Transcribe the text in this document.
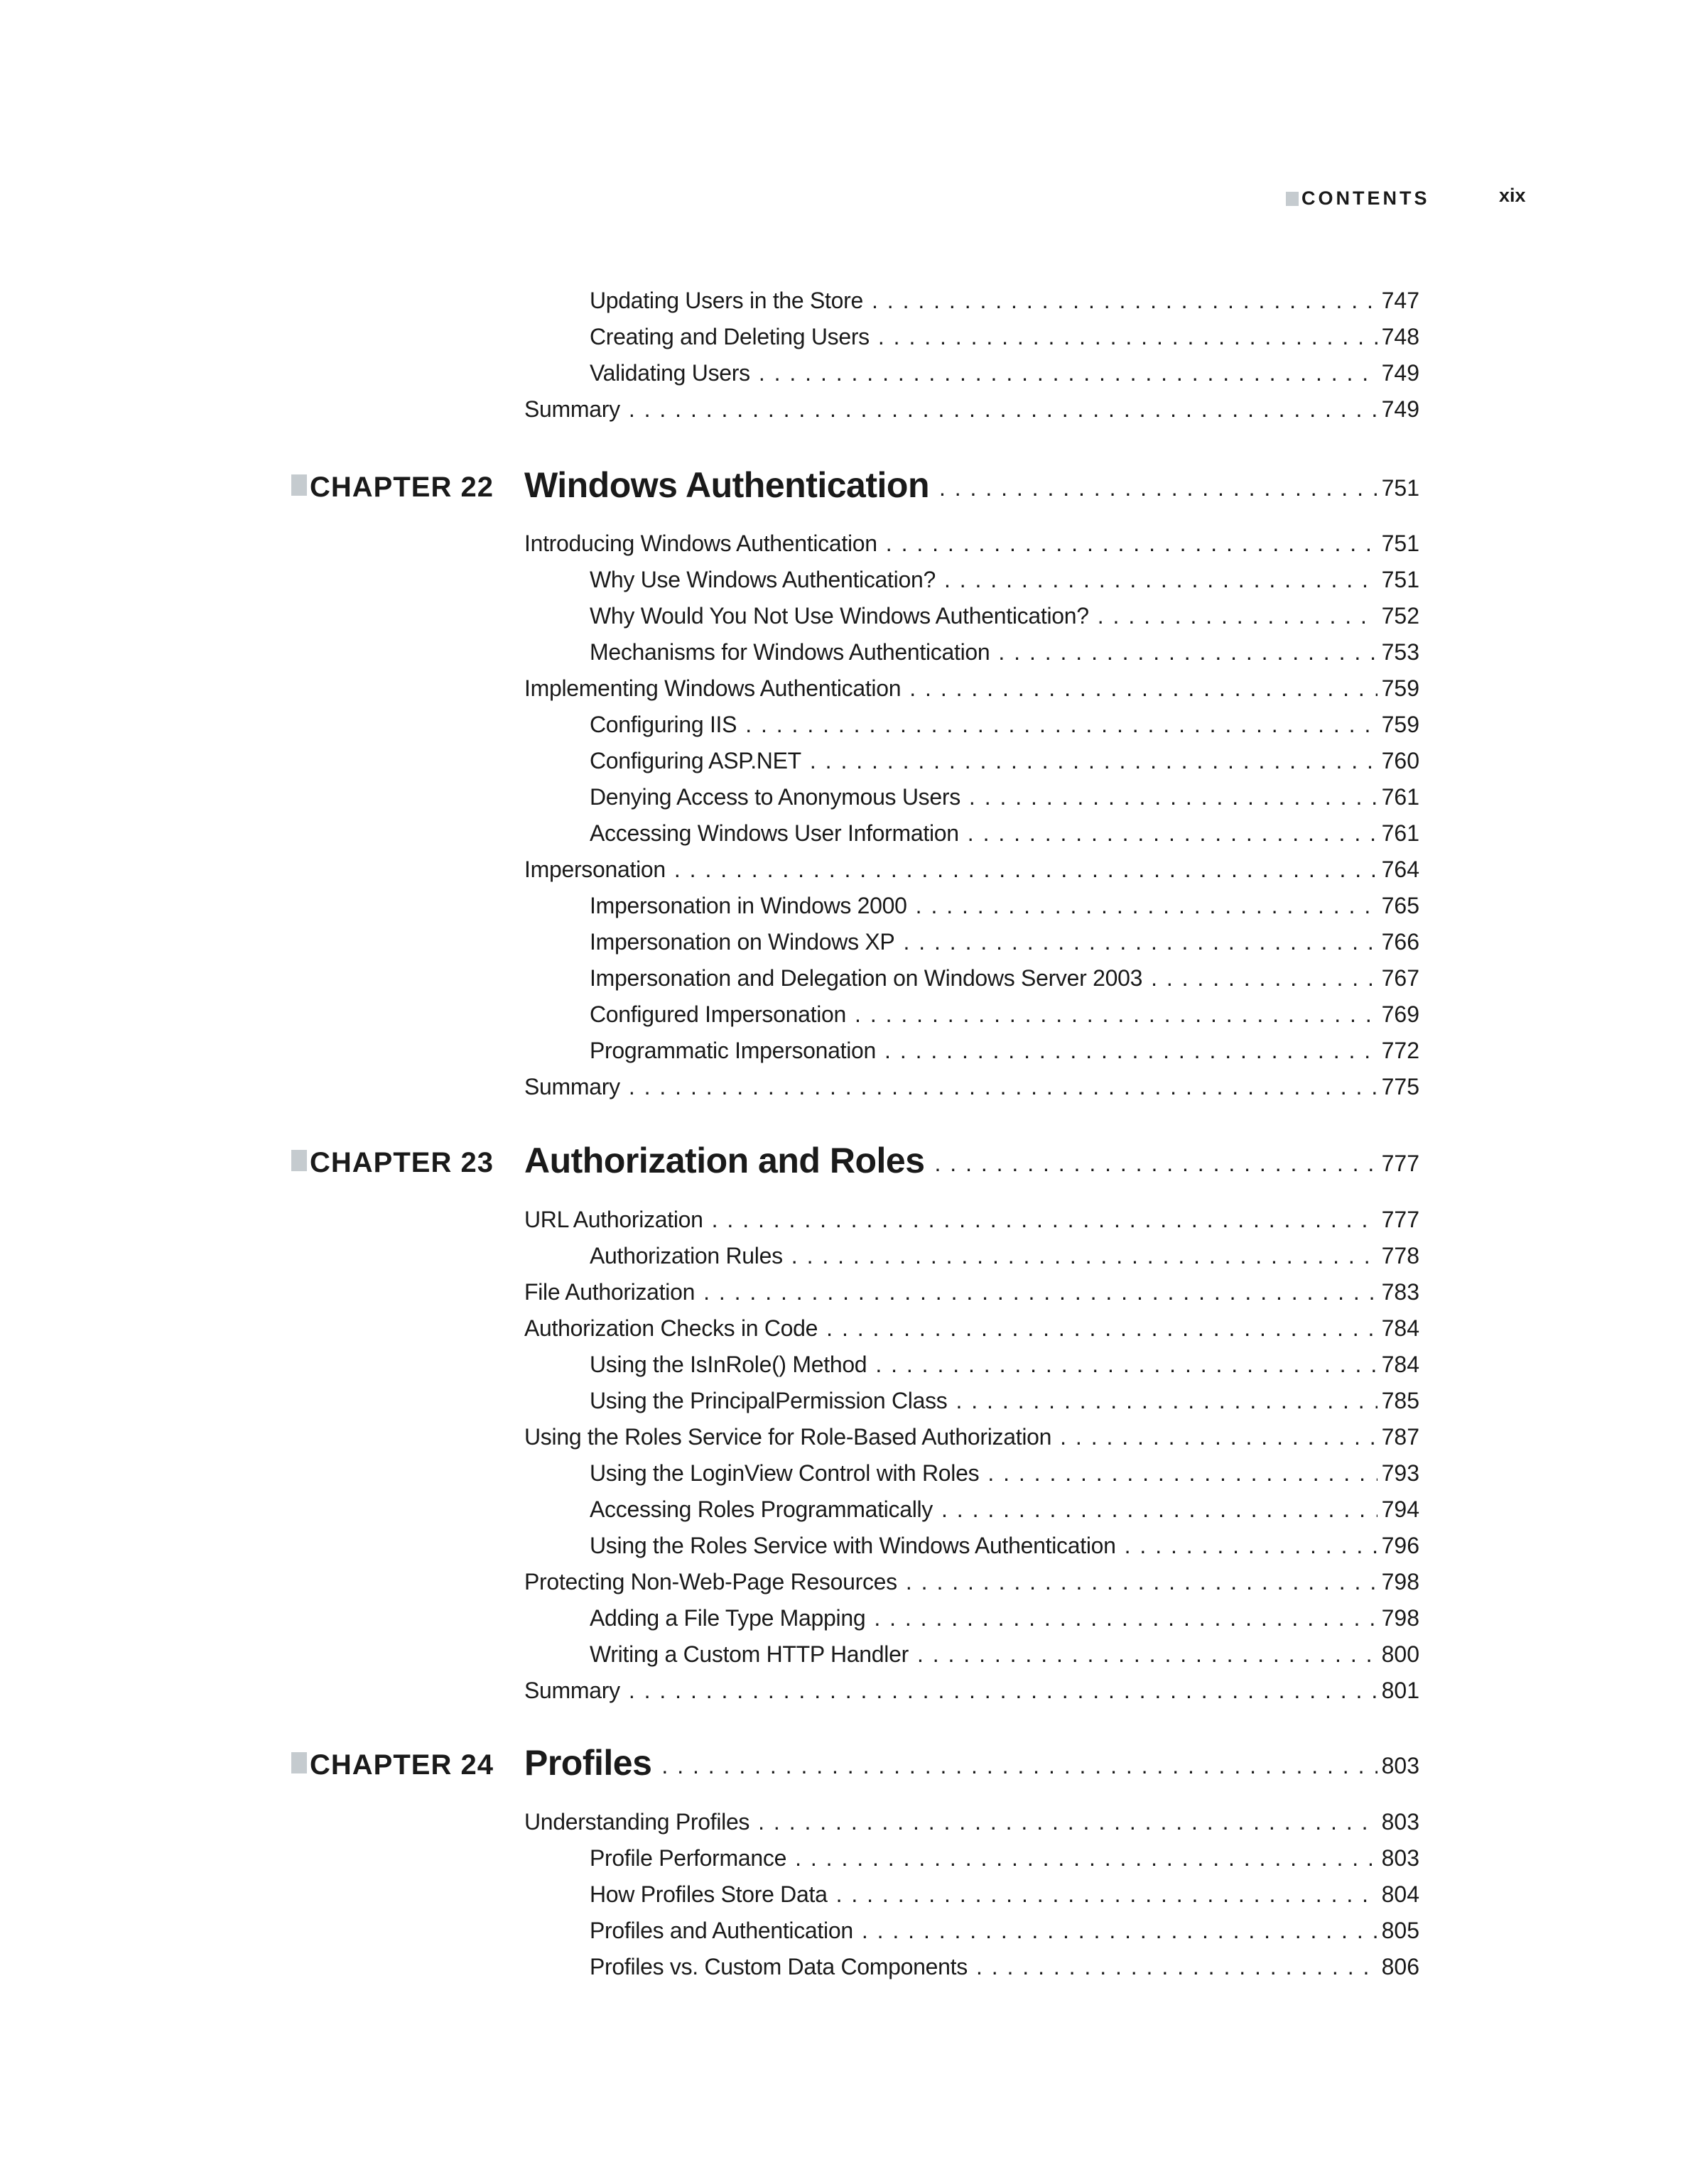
CONTENTS	xix
Updating Users in the Store . . .	747
Creating and Deleting Users . . .	748
Validating Users . . .	749
Summary . . .	749
CHAPTER 22 Windows Authentication . . .	751
Introducing Windows Authentication . . .	751
Why Use Windows Authentication? . . .	751
Why Would You Not Use Windows Authentication? . . .	752
Mechanisms for Windows Authentication . . .	753
Implementing Windows Authentication . . .	759
Configuring IIS . . .	759
Configuring ASP.NET . . .	760
Denying Access to Anonymous Users . . .	761
Accessing Windows User Information . . .	761
Impersonation . . .	764
Impersonation in Windows 2000 . . .	765
Impersonation on Windows XP . . .	766
Impersonation and Delegation on Windows Server 2003 . . .	767
Configured Impersonation . . .	769
Programmatic Impersonation . . .	772
Summary . . .	775
CHAPTER 23 Authorization and Roles . . .	777
URL Authorization . . .	777
Authorization Rules . . .	778
File Authorization . . .	783
Authorization Checks in Code . . .	784
Using the IsInRole() Method . . .	784
Using the PrincipalPermission Class . . .	785
Using the Roles Service for Role-Based Authorization . . .	787
Using the LoginView Control with Roles . . .	793
Accessing Roles Programmatically . . .	794
Using the Roles Service with Windows Authentication . . .	796
Protecting Non-Web-Page Resources . . .	798
Adding a File Type Mapping . . .	798
Writing a Custom HTTP Handler . . .	800
Summary . . .	801
CHAPTER 24 Profiles . . .	803
Understanding Profiles . . .	803
Profile Performance . . .	803
How Profiles Store Data . . .	804
Profiles and Authentication . . .	805
Profiles vs. Custom Data Components . . .	806
